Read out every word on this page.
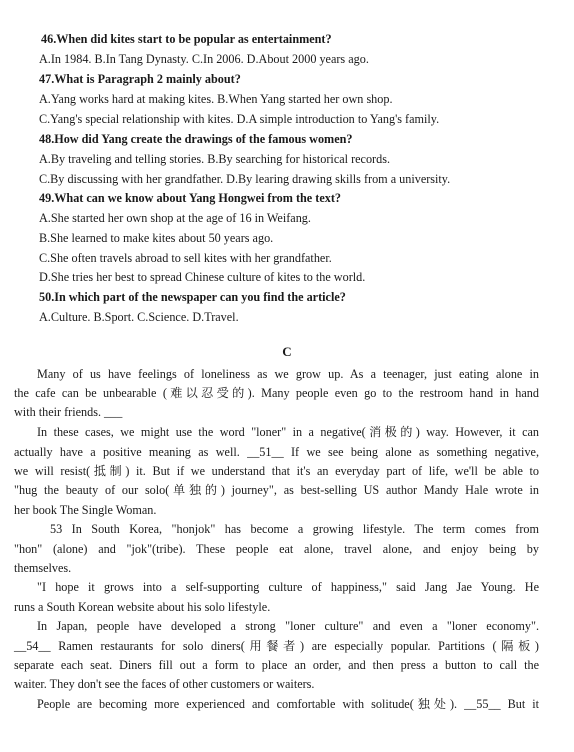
46.When did kites start to be popular as entertainment?
A.In 1984. B.In Tang Dynasty. C.In 2006. D.About 2000 years ago.
47.What is Paragraph 2 mainly about?
A.Yang works hard at making kites. B.When Yang started her own shop.
C.Yang's special relationship with kites. D.A simple introduction to Yang's family.
48.How did Yang create the drawings of the famous women?
A.By traveling and telling stories. B.By searching for historical records.
C.By discussing with her grandfather. D.By learing drawing skills from a university.
49.What can we know about Yang Hongwei from the text?
A.She started her own shop at the age of 16 in Weifang.
B.She learned to make kites about 50 years ago.
C.She often travels abroad to sell kites with her grandfather.
D.She tries her best to spread Chinese culture of kites to the world.
50.In which part of the newspaper can you find the article?
A.Culture. B.Sport. C.Science. D.Travel.
C
Many of us have feelings of loneliness as we grow up. As a teenager, just eating alone in
the cafe can be unbearable (难以忍受的). Many people even go to the restroom hand in hand
with their friends. ___
In these cases, we might use the word "loner" in a negative(消极的) way. However, it can
actually have a positive meaning as well. __51__ If we see being alone as something negative,
we will resist(抵制) it. But if we understand that it's an everyday part of life, we'll be able to
"hug the beauty of our solo(单独的) journey", as best-selling US author Mandy Hale wrote in
her book The Single Woman.
53 In South Korea, "honjok" has become a growing lifestyle. The term comes from
"hon" (alone) and "jok"(tribe). These people eat alone, travel alone, and enjoy being by
themselves.
"I hope it grows into a self-supporting culture of happiness," said Jang Jae Young. He
runs a South Korean website about his solo lifestyle.
In Japan, people have developed a strong "loner culture" and even a "loner economy".
__54__ Ramen restaurants for solo diners(用餐者) are especially popular. Partitions (隔板)
separate each seat. Diners fill out a form to place an order, and then press a button to call the
waiter. They don't see the faces of other customers or waiters.
People are becoming more experienced and comfortable with solitude(独处). __55__ But it
